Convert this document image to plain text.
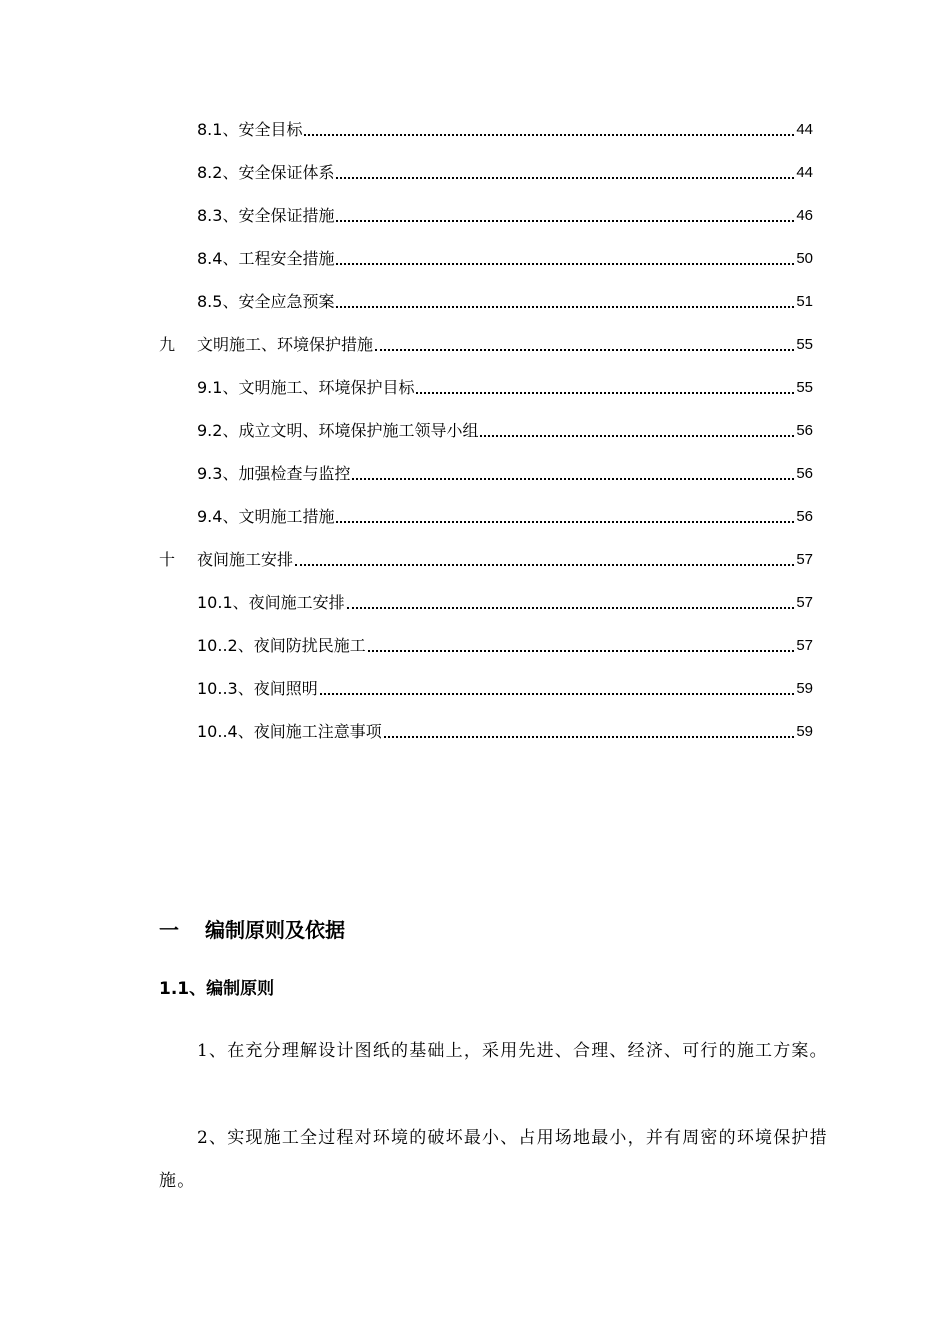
8.1、 安全目标	44
8.2、 安全保证体系	44
8.3、 安全保证措施	46
8.4、 工程安全措施	50
8.5、 安全应急预案	51
九	文明施工、环境保护措施	55
9.1、 文明施工、环境保护目标	55
9.2、 成立文明、环境保护施工领导小组	56
9.3、 加强检查与监控	56
9.4、 文明施工措施	56
十	夜间施工安排	57
10.1、 夜间施工安排	57
10..2、 夜间防扰民施工	57
10..3、 夜间照明	59
10..4、 夜间施工注意事项	59
一	编制原则及依据
1.1、编制原则
1、在充分理解设计图纸的基础上，采用先进、合理、经济、可行的施工方案。
2、实现施工全过程对环境的破坏最小、占用场地最小，并有周密的环境保护措施。
